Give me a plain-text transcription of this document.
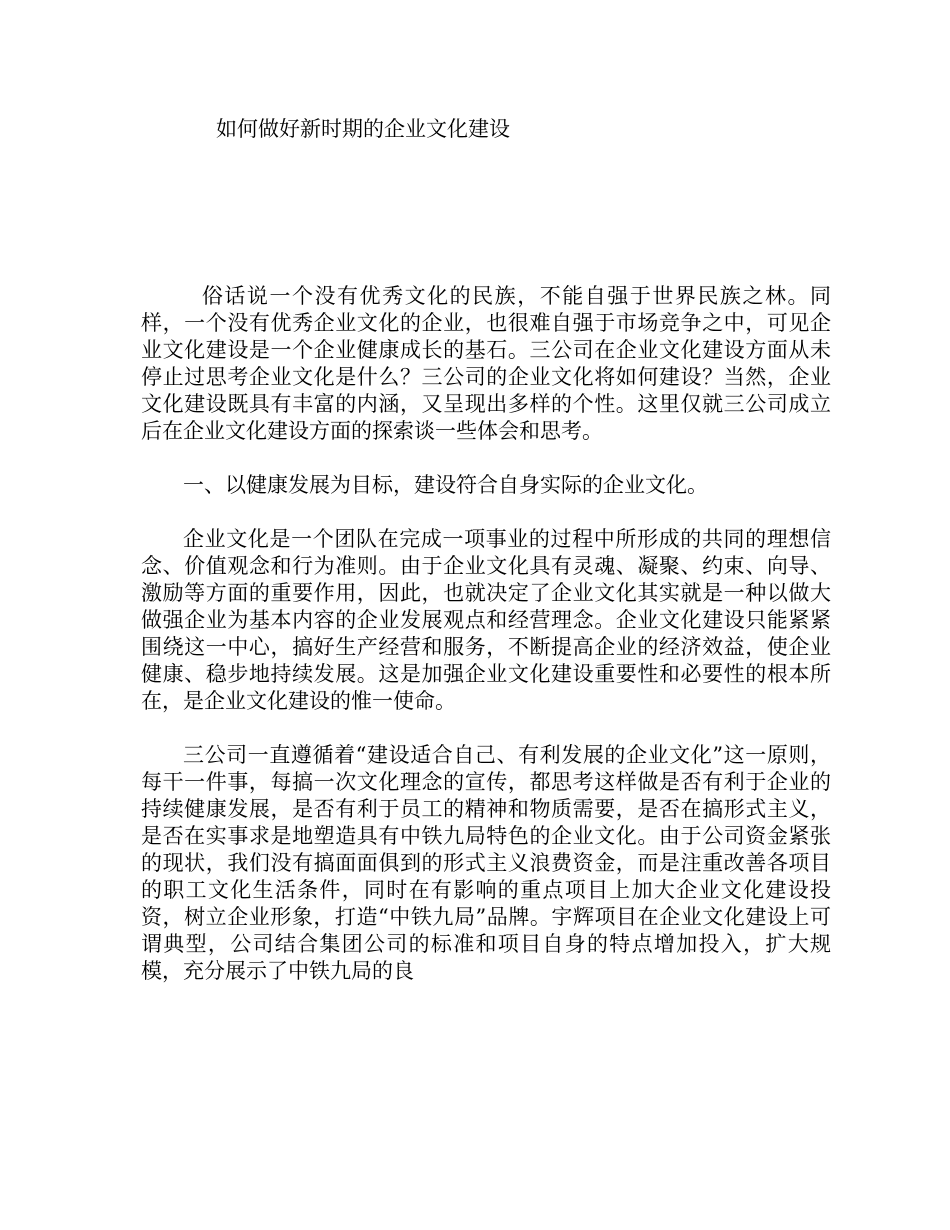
如何做好新时期的企业文化建设

俗话说一个没有优秀文化的民族，不能自强于世界民族之林。同样，一个没有优秀企业文化的企业，也很难自强于市场竞争之中，可见企业文化建设是一个企业健康成长的基石。三公司在企业文化建设方面从未停止过思考企业文化是什么？三公司的企业文化将如何建设？当然，企业文化建设既具有丰富的内涵，又呈现出多样的个性。这里仅就三公司成立后在企业文化建设方面的探索谈一些体会和思考。

一、以健康发展为目标，建设符合自身实际的企业文化。

企业文化是一个团队在完成一项事业的过程中所形成的共同的理想信念、价值观念和行为准则。由于企业文化具有灵魂、凝聚、约束、向导、激励等方面的重要作用，因此，也就决定了企业文化其实就是一种以做大做强企业为基本内容的企业发展观点和经营理念。企业文化建设只能紧紧围绕这一中心，搞好生产经营和服务，不断提高企业的经济效益，使企业健康、稳步地持续发展。这是加强企业文化建设重要性和必要性的根本所在，是企业文化建设的惟一使命。

三公司一直遵循着“建设适合自己、有利发展的企业文化”这一原则，每干一件事，每搞一次文化理念的宣传，都思考这样做是否有利于企业的持续健康发展，是否有利于员工的精神和物质需要，是否在搞形式主义，是否在实事求是地塑造具有中铁九局特色的企业文化。由于公司资金紧张的现状，我们没有搞面面俱到的形式主义浪费资金，而是注重改善各项目的职工文化生活条件，同时在有影响的重点项目上加大企业文化建设投资，树立企业形象，打造“中铁九局”品牌。宇辉项目在企业文化建设上可谓典型，公司结合集团公司的标准和项目自身的特点增加投入，扩大规模，充分展示了中铁九局的良
